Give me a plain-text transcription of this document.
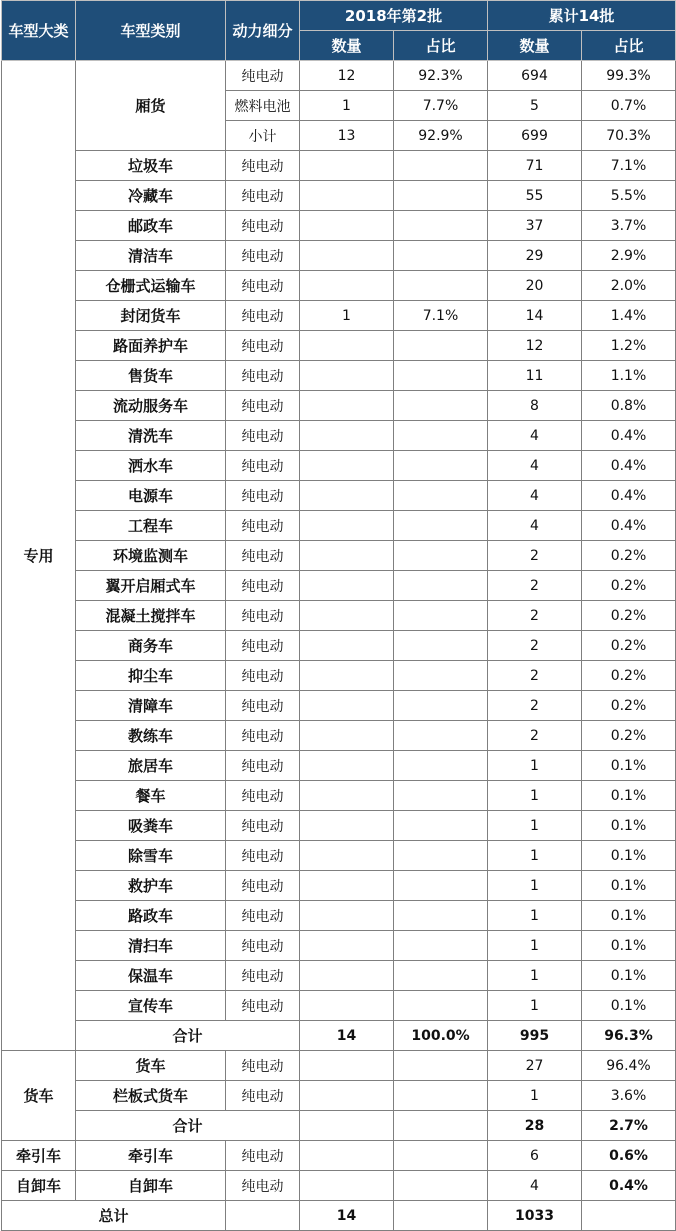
车型大类	车型类别	动力细分	2018年第2批		累计14批	
			数量	占比	数量	占比
专用	厢货	纯电动	12	92.3%	694	99.3%
		燃料电池	1	7.7%	5	0.7%
		小计	13	92.9%	699	70.3%
	垃圾车	纯电动			71	7.1%
	冷藏车	纯电动			55	5.5%
	邮政车	纯电动			37	3.7%
	清洁车	纯电动			29	2.9%
	仓栅式运输车	纯电动			20	2.0%
	封闭货车	纯电动	1	7.1%	14	1.4%
	路面养护车	纯电动			12	1.2%
	售货车	纯电动			11	1.1%
	流动服务车	纯电动			8	0.8%
	清洗车	纯电动			4	0.4%
	洒水车	纯电动			4	0.4%
	电源车	纯电动			4	0.4%
	工程车	纯电动			4	0.4%
	环境监测车	纯电动			2	0.2%
	翼开启厢式车	纯电动			2	0.2%
	混凝土搅拌车	纯电动			2	0.2%
	商务车	纯电动			2	0.2%
	抑尘车	纯电动			2	0.2%
	清障车	纯电动			2	0.2%
	教练车	纯电动			2	0.2%
	旅居车	纯电动			1	0.1%
	餐车	纯电动			1	0.1%
	吸粪车	纯电动			1	0.1%
	除雪车	纯电动			1	0.1%
	救护车	纯电动			1	0.1%
	路政车	纯电动			1	0.1%
	清扫车	纯电动			1	0.1%
	保温车	纯电动			1	0.1%
	宣传车	纯电动			1	0.1%
	合计		14	100.0%	995	96.3%
货车	货车	纯电动			27	96.4%
	栏板式货车	纯电动			1	3.6%
	合计				28	2.7%
牵引车	牵引车	纯电动			6	0.6%
自卸车	自卸车	纯电动			4	0.4%
总计			14		1033	find方得网
